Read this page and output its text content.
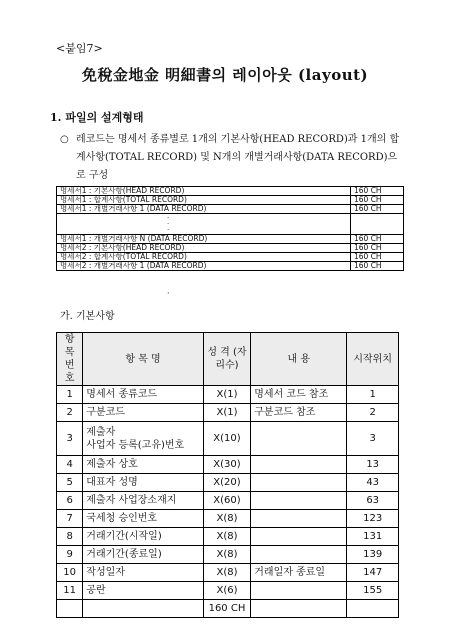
<붙임7>
免稅金地金 明細書의 레이아웃 (layout)
1. 파일의 설계형태
○ 레코드는 명세서 종류별로 1개의 기본사항(HEAD RECORD)과 1개의 합계사항(TOTAL RECORD) 및 N개의 개별거래사항(DATA RECORD)으로 구성
명세서1 : 기본사항(HEAD RECORD)	160 CH
명세서1 : 합계사항(TOTAL RECORD)	160 CH
명세서1 : 개별거래사항 1 (DATA RECORD)	160 CH

·
·
·	

명세서1 : 개별거래사항 N (DATA RECORD)	160 CH
명세서2 : 기본사항(HEAD RECORD)	160 CH
명세서2 : 합계사항(TOTAL RECORD)	160 CH
명세서2 : 개별거래사항 1 (DATA RECORD)	160 CH
·
가. 기본사항
항목번호	항 목 명	성 격 (자리수)	내 용	시작위치
1	명세서 종류코드	X(1)	명세서 코드 참조	1
2	구분코드	X(1)	구분코드 참조	2
3	제출자
사업자 등록(고유)번호	X(10)		3
4	제출자 상호	X(30)		13
5	대표자 성명	X(20)		43
6	제출자 사업장소재지	X(60)		63
7	국세청 승인번호	X(8)		123
8	거래기간(시작일)	X(8)		131
9	거래기간(종료일)	X(8)		139
10	작성일자	X(8)	거래일자 종료일	147
11	공란	X(6)		155
		160 CH		
